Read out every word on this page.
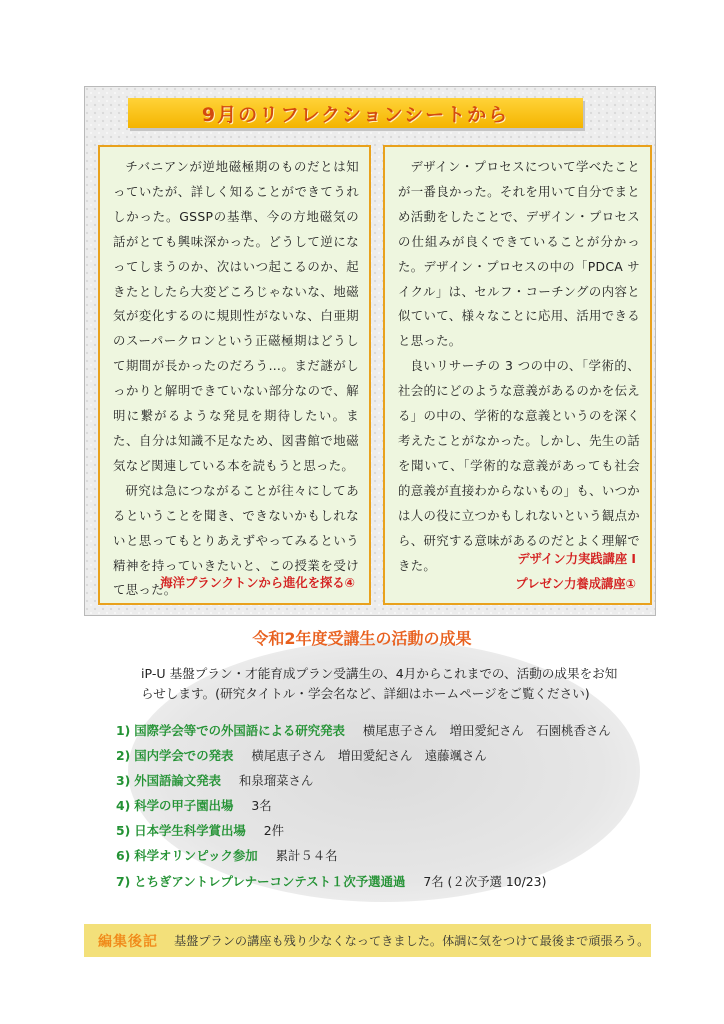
9月のリフレクションシートから

チバニアンが逆地磁極期のものだとは知っていたが、詳しく知ることができてうれしかった。GSSPの基準、今の方地磁気の話がとても興味深かった。どうして逆になってしまうのか、次はいつ起こるのか、起きたとしたら大変どころじゃないな、地磁気が変化するのに規則性がないな、白亜期のスーパークロンという正磁極期はどうして期間が長かったのだろう…。まだ謎がしっかりと解明できていない部分なので、解明に繋がるような発見を期待したい。また、自分は知識不足なため、図書館で地磁気など関連している本を読もうと思った。

研究は急につながることが往々にしてあるということを聞き、できないかもしれないと思ってもとりあえずやってみるという精神を持っていきたいと、この授業を受けて思った。

海洋プランクトンから進化を探る④

デザイン・プロセスについて学べたことが一番良かった。それを用いて自分でまとめ活動をしたことで、デザイン・プロセスの仕組みが良くできていることが分かった。デザイン・プロセスの中の「PDCA サイクル」は、セルフ・コーチングの内容と似ていて、様々なことに応用、活用できると思った。

良いリサーチの 3 つの中の、「学術的、社会的にどのような意義があるのかを伝える」の中の、学術的な意義というのを深く考えたことがなかった。しかし、先生の話を聞いて、「学術的な意義があっても社会的意義が直接わからないもの」も、いつかは人の役に立つかもしれないという観点から、研究する意味があるのだとよく理解できた。	デザイン力実践講座 I
プレゼン力養成講座①
令和2年度受講生の活動の成果

iP-U 基盤プラン・才能育成プラン受講生の、4月からこれまでの、活動の成果をお知らせします。(研究タイトル・学会名など、詳細はホームページをご覧ください)

1) 国際学会等での外国語による研究発表 横尾恵子さん　増田愛紀さん　石園桃香さん
2) 国内学会での発表 横尾恵子さん　増田愛紀さん　遠藤颯さん
3) 外国語論文発表 和泉瑠菜さん
4) 科学の甲子園出場 3名
5) 日本学生科学賞出場 2件
6) 科学オリンピック参加 累計５４名
7) とちぎアントレプレナーコンテスト１次予選通過 7名 (２次予選 10/23)
編集後記 基盤プランの講座も残り少なくなってきました。体調に気をつけて最後まで頑張ろう。
